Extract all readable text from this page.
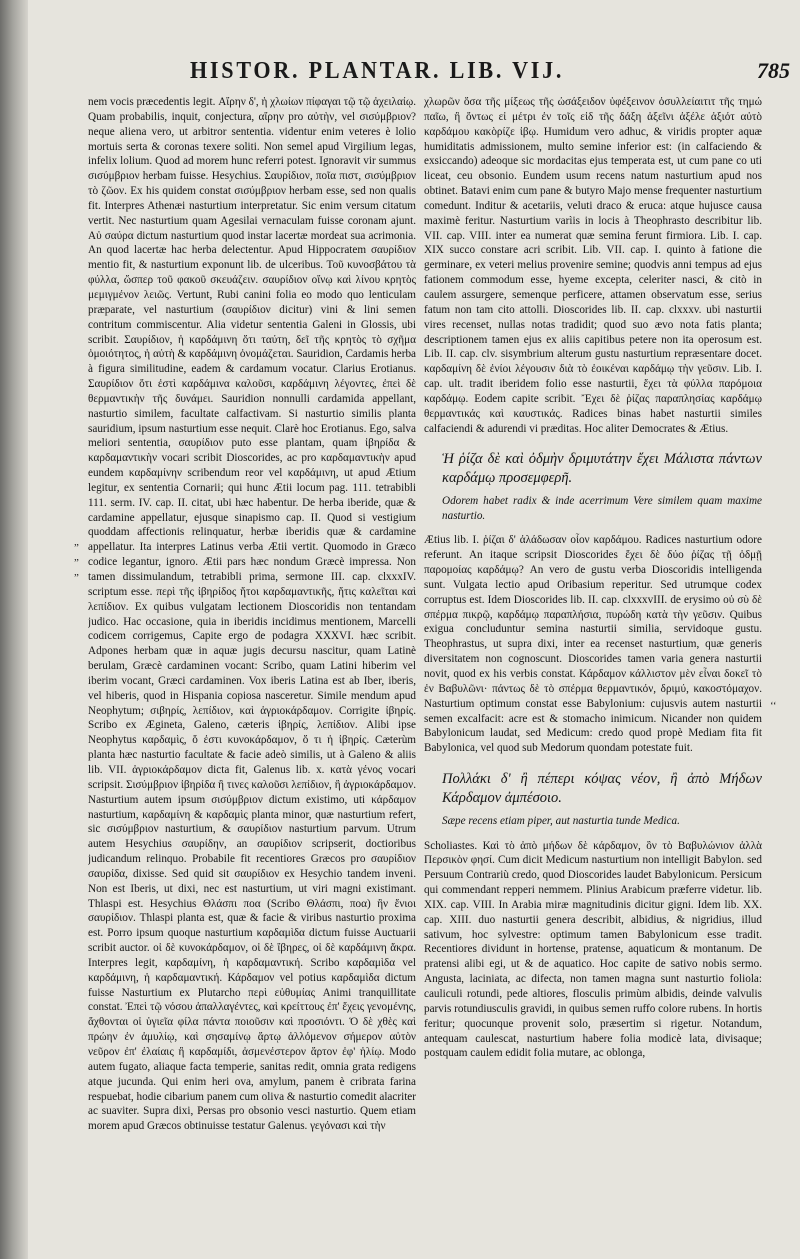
HISTOR. PLANTAR. LIB. VIJ.	785

nem vocis præcedentis legit. Αἴρην δ', ἡ χλωίων πίφαγαι τῷ τῷ ἀχειλαίῳ. Quam probabilis, inquit, conjectura, αἴρην pro αὐτὴν, vel σισύμβριον? neque aliena vero, ut arbitror sententia. videntur enim veteres è lolio mortuis serta & coronas texere soliti. Non semel apud Virgilium legas, infelix lolium. Quod ad morem hunc referri potest. Ignoravit vir summus σισύμβριον herbam fuisse. Hesychius. Σαυρίδιον, ποῖα πιστ, σισύμβριον τὸ ζῶον. Ex his quidem constat σισύμβριον herbam esse, sed non qualis fit. Interpres Athenæi nasturtium interpretatur. Sic enim versum citatum vertit. Nec nasturtium quam Agesilai vernaculam fuisse coronam ajunt. Αὐ σαύρα dictum nasturtium quod instar lacertæ mordeat sua acrimonia. An quod lacertæ hac herba delectentur. Apud Hippocratem σαυρίδιον mentio fit, & nasturtium exponunt lib. de ulceribus. Τοῦ κυνοσβάτου τὰ φύλλα, ὥσπερ τοῦ φακοῦ σκευάζειν. σαυρίδιον οἴνῳ καὶ λίνου κρητὸς μεμιγμένον λειῶς. Vertunt, Rubi canini folia eo modo quo lenticulam præparate, vel nasturtium (σαυρίδιον dicitur) vini & lini semen contritum commiscentur. Alia videtur sententia Galeni in Glossis, ubi scribit. Σαυρίδιον, ἡ καρδάμινη ὅτι ταύτη, δεῖ τῆς κρητὸς τὸ σχῆμα ὁμοιότητος, ἡ αὐτὴ & καρδάμινη ὀνομάζεται. Sauridion, Cardamis herba à figura similitudine, eadem & cardamum vocatur. Clarius Erotianus. Σαυρίδιον ὅτι ἐστὶ καρδάμινα καλοῦσι, καρδάμινη λέγοντες, ἐπεὶ δὲ θερμαντικὴν τῆς δυνάμει. Sauridion nonnulli cardamida appellant, nasturtio similem, facultate calfactivam. Si nasturtio similis planta sauridium, ipsum nasturtium esse nequit. Clarè hoc Erotianus. Ego, salva meliori sententia, σαυρίδιον puto esse plantam, quam ἰβηρίδα & καρδαμαντικὴν vocari scribit Dioscorides, ac pro καρδαμαντικὴν apud eundem καρδαμίνην scribendum reor vel καρδάμινη, ut apud Ætium legitur, ex sententia Cornarii; qui hunc Ætii locum pag. 111. tetrabibli 111. serm. IV. cap. II. citat, ubi hæc habentur. De herba iberide, quæ & cardamine appellatur, ejusque sinapismo cap. II. Quod si vestigium quoddam affectionis relinquatur, herbæ iberidis quæ & cardamine appellatur. Ita interpres Latinus verba Ætii vertit. Quomodo in Græco codice legantur, ignoro. Ætii pars hæc nondum Græcè impressa. Non tamen dissimulandum, tetrabibli prima, sermone III. cap. clxxxIV. scriptum esse. περὶ τῆς ἰβηρίδος ἥτοι καρδαμαντικῆς, ἥτις καλεῖται καὶ λεπίδιον. Ex quibus vulgatam lectionem Dioscoridis non tentandam judico. Hac occasione, quia in iberidis incidimus mentionem, Marcelli codicem corrigemus, Capite ergo de podagra XXXVI. hæc scribit. Adpones herbam quæ in aquæ jugis decursu nascitur, quam Latinè berulam, Græcè cardaminen vocant: Scribo, quam Latini hiberim vel iberim vocant, Græci cardaminen. Vox iberis Latina est ab Iber, iberis, vel hiberis, quod in Hispania copiosa nasceretur. Simile mendum apud Neophytum; σιβηρίς, λεπίδιον, καὶ ἀγριοκάρδαμον. Corrigite ἰβηρίς. Scribo ex Æginetа, Galeno, cæteris ἰβηρίς, λεπίδιον. Alibi ipse Neophytus καρδαμὶς, ὅ ἐστι κυνοκάρδαμον, ὅ τι ἡ ἰβηρίς. Cæterùm planta hæc nasturtio facultate & facie adeò similis, ut à Galeno & aliis lib. VII. ἀγριοκάρδαμον dicta fit, Galenus lib. x. κατὰ γένος vocari scripsit. Σισύμβριον ἰβηρίδα ἢ τινες καλοῦσι λεπίδιον, ἢ ἀγριοκάρδαμον. Nasturtium autem ipsum σισύμβριον dictum existimo, uti κάρδαμον nasturtium, καρδαμίνη & καρδαμὶς planta minor, quæ nasturtium refert, sic σισύμβριον nasturtium, & σαυρίδιον nasturtium parvum. Utrum autem Hesychius σαυρίδην, an σαυρίδιον scripserit, doctioribus judicandum relinquo. Probabile fit recentiores Græcos pro σαυρίδιον σαυρίδα, dixisse. Sed quid sit σαυρίδιον ex Hesychio tandem inveni. Non est Iberis, ut dixi, nec est nasturtium, ut viri magni existimant. Thlaspi est. Hesychius Θλάσπι ποα (Scribo Θλάσπι, ποα) ἣν ἔνιοι σαυρίδιον. Thlaspi planta est, quæ & facie & viribus nasturtio proxima est. Porro ipsum quoque nasturtium καρδαμὶδα dictum fuisse Auctuarii scribit auctor. οἱ δὲ κυνοκάρδαμον, οἱ δὲ ἴβηρες, οἱ δὲ καρδάμινη ἄκρα. Interpres legit, καρδαμίνη, ἡ καρδαμαντική. Scribo καρδαμὶδα vel καρδάμινη, ἡ καρδαμαντική. Κάρδαμον vel potius καρδαμὶδα dictum fuisse Nasturtium ex Plutarcho περὶ εὐθυμίας Animi tranquillitate constat. Ἐπεὶ τῷ νόσου ἀπαλλαγέντες, καὶ κρείττους ἐπ' ἔχεις γενομένης, ἄχθονται οἱ ὑγιεῖα φίλα πάντα ποιοῦσιν καὶ προσιόντι. Ὁ δὲ χθὲς καὶ πρώην ἐν ἀμυλίῳ, καὶ σησαμίνῳ ἄρτῳ ἀλλόμενον σήμερον αὐτὸν νεῦρον ἐπ' ἐλαίαις ἢ καρδαμίδι, ἀσμενέστερον ἄρτον ἐφ' ἡλίῳ. Modo autem fugato, aliaque facta temperie, sanitas redit, omnia grata redigens atque jucunda. Qui enim heri ova, amylum, panem è cribrata farina respuebat, hodie cibarium panem cum oliva & nasturtio comedit alacriter ac suaviter. Supra dixi, Persas pro obsonio vesci nasturtio. Quem etiam morem apud Græcos obtinuisse testatur Galenus. γεγόνασι καὶ τὴν

χλωρῶν ὅσα τῆς μίξεως τῆς ὠσάξειδον ὑφέξεινον ὀσυλλείαιτιτ τῆς τημώ παῖω, ἢ ὄντως εἰ μέτρι ἐν τοῖς εἰδ τῆς δάξη ἀξεῖνι ἀξέλε ἀξιότ αὐτὸ καρδάμου κακὸρίζε ἰβῳ. Humidum vero adhuc, & viridis propter aquæ humiditatis admissionem, multo semine inferior est: (in calfaciendo & exsiccando) adeoque sic mordacitas ejus temperata est, ut cum pane co uti liceat, ceu obsonio. Eundem usum recens natum nasturtium apud nos obtinet. Batavi enim cum pane & butyro Majo mense frequenter nasturtium comedunt. Inditur & acetariis, veluti draco & eruca: atque hujusce causa maximè feritur. Nasturtium varìis in locis à Theophrasto describitur lib. VII. cap. VIII. inter ea numerat quæ semina ferunt firmiora. Lib. I. cap. XIX succo constare acri scribit. Lib. VII. cap. I. quinto à fatione die germinare, ex veteri melius provenire semine; quodvis anni tempus ad ejus fationem commodum esse, hyeme excepta, celeriter nasci, & citò in caulem assurgere, semenque perficere, attamen observatum esse, serius fatum non tam cito attolli. Dioscorides lib. II. cap. clxxxv. ubi nasturtii vires recenset, nullas notas tradidit; quod suo ævo nota fatis planta; descriptionem tamen ejus ex aliis capitibus petere non ita operosum est. Lib. II. cap. clv. sisymbrium alterum gustu nasturtium repræsentare docet. καρδαμίνη δὲ ἐνίοι λέγουσιν διὰ τὸ ἐοικέναι καρδάμῳ τὴν γεῦσιν. Lib. I. cap. ult. tradit iberidem folio esse nasturtii, ἔχει τὰ φύλλα παρόμοια καρδάμῳ. Eodem capite scribit. Ἔχει δὲ ῥίζας παραπλησίας καρδάμῳ θερμαντικάς καὶ καυστικάς. Radices binas habet nasturtii similes calfaciendi & adurendi vi præditas. Hoc aliter Democrates & Ætius.

Ἡ ῥίζα δὲ καὶ ὀδμὴν δριμυτάτην ἔχει Μάλιστα πάντων καρδάμῳ προσεμφερῆ.
Odorem habet radix & inde acerrimum Vere similem quam maxime nasturtio.

Ætius lib. I. ῥίζαι δ' ἀλάδωσαν οἷον καρδάμου. Radices nasturtium odore referunt. An itaque scripsit Dioscorides ἔχει δὲ δύο ῥίζας τῇ ὀδμῇ παρομοίας καρδάμῳ? An vero de gustu verba Dioscoridis intelligenda sunt. Vulgata lectio apud Oribasium reperitur. Sed utrumque codex corruptus est. Idem Dioscorides lib. II. cap. clxxxvIII. de erysimo οὐ σὺ δὲ σπέρμα πικρῷ, καρδάμῳ παραπλήσια, πυρώδη κατὰ τὴν γεῦσιν. Quibus exigua concluduntur semina nasturtii similia, servidoque gustu. Theophrastus, ut supra dixi, inter ea recenset nasturtium, quæ generis diversitatem non cognoscunt. Dioscorides tamen varia genera nasturtii novit, quod ex his verbis constat. Κάρδαμον κάλλιστον μὲν εἶναι δοκεῖ τὸ ἐν Βαβυλῶνι· πάντως δὲ τὸ σπέρμα θερμαντικόν, δριμύ, κακοστόμαχον. Nasturtium optimum constat esse Babylonium: cujusvis autem nasturtii semen excalfacit: acre est & stomacho inimicum. Nicander non quidem Babylonicum laudat, sed Medicum: credo quod propè Mediam fita fit Babylonica, vel quod sub Medorum quondam potestate fuit.

Πολλάκι δ' ἢ πέπερι κόψας νέον, ἢ ἀπὸ Μήδων Κάρδαμον ἀμπέσοιο.
Sæpe recens etiam piper, aut nasturtia tunde Medica.

Scholiastes. Καὶ τὸ ἀπὸ μήδων δὲ κάρδαμον, ὃν τὸ Βαβυλώνιον ἀλλὰ Περσικὸν φησί. Cum dicit Medicum nasturtium non intelligit Babylon. sed Persuum Contrariù credo, quod Dioscorides laudet Babylonicum. Persicum qui commendant repperi nemmem. Plinius Arabicum præferre videtur. lib. XIX. cap. VIII. In Arabia miræ magnitudinis dicitur gigni. Idem lib. XX. cap. XIII. duo nasturtii genera describit, albidius, & nigridius, illud sativum, hoc sylvestre: optimum tamen Babylonicum esse tradit. Recentiores dividunt in hortense, pratense, aquaticum & montanum. De pratensi alibi egi, ut & de aquatico. Hoc capite de sativo nobis sermo. Angusta, laciniata, ac difecta, non tamen magna sunt nasturtio foliola: cauliculi rotundi, pede altiores, flosculis primùm albidis, deinde valvulis parvis rotundiusculis gravidi, in quibus semen ruffo colore rubens. In hortis feritur; quocunque provenit solo, præsertim si rigetur. Notandum, antequam caulescat, nasturtium habere folia modicè lata, divisaque; postquam caulem edidit folia mutare, ac oblonga,

„
„
„
‘‘
